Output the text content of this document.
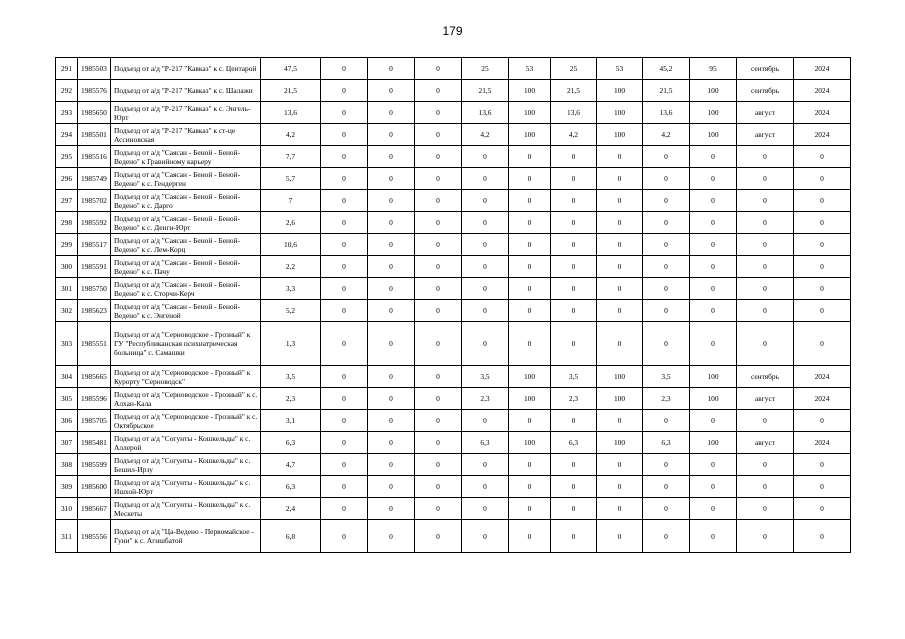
179
291	1985503	Подъезд от а/д "Р-217 "Кавказ" к с. Центарой	47,5	0	0	0	25	53	25	53	45,2	95	сентябрь	2024
292	1985576	Подъезд от а/д "Р-217 "Кавказ" к с. Шалажи	21,5	0	0	0	21,5	100	21,5	100	21,5	100	сентябрь	2024
293	1985650	Подъезд от а/д "Р-217 "Кавказ" к с. Энгель-Юрт	13,6	0	0	0	13,6	100	13,6	100	13,6	100	август	2024
294	1985501	Подъезд от а/д "Р-217 "Кавказ" к ст-це Ассиновская	4,2	0	0	0	4,2	100	4,2	100	4,2	100	август	2024
295	1985516	Подъезд от а/д "Саясан - Беной - Беной-Ведено" к Гравийному карьеру	7,7	0	0	0	0	0	0	0	0	0	0	0
296	1985749	Подъезд от а/д "Саясан - Беной - Беной-Ведено" к с. Гендерген	5,7	0	0	0	0	0	0	0	0	0	0	0
297	1985702	Подъезд от а/д "Саясан - Беной - Беной-Ведено" к с. Дарго	7	0	0	0	0	0	0	0	0	0	0	0
298	1985592	Подъезд от а/д "Саясан - Беной - Беной-Ведено" к с. Денги-Юрт	2,6	0	0	0	0	0	0	0	0	0	0	0
299	1985517	Подъезд от а/д "Саясан - Беной - Беной-Ведено" к с. Лем-Корц	10,6	0	0	0	0	0	0	0	0	0	0	0
300	1985591	Подъезд от а/д "Саясан - Беной - Беной-Ведено" к с. Пачу	2,2	0	0	0	0	0	0	0	0	0	0	0
301	1985750	Подъезд от а/д "Саясан - Беной - Беной-Ведено" к с. Сторчи-Керч	3,3	0	0	0	0	0	0	0	0	0	0	0
302	1985623	Подъезд от а/д "Саясан - Беной - Беной-Ведено" к с. Энгеной	5,2	0	0	0	0	0	0	0	0	0	0	0
303	1985551	Подъезд от а/д "Серноводское - Грозный" к ГУ "Республиканская психиатрическая больница" с. Самашки	1,3	0	0	0	0	0	0	0	0	0	0	0
304	1985665	Подъезд от а/д "Серноводское - Грозный" к Курорту "Серноводск"	3,5	0	0	0	3,5	100	3,5	100	3,5	100	сентябрь	2024
305	1985596	Подъезд от а/д "Серноводское - Грозный" к с. Алхан-Кала	2,3	0	0	0	2,3	100	2,3	100	2,3	100	август	2024
306	1985705	Подъезд от а/д "Серноводское - Грозный" к с. Октябрьское	3,1	0	0	0	0	0	0	0	0	0	0	0
307	1985481	Подъезд от а/д "Согунты - Кошкельды" к с. Аллерой	6,3	0	0	0	6,3	100	6,3	100	6,3	100	август	2024
308	1985599	Подъезд от а/д "Согунты - Кошкельды" к с. Бешил-Ирзу	4,7	0	0	0	0	0	0	0	0	0	0	0
309	1985600	Подъезд от а/д "Согунты - Кошкельды" к с. Ишхой-Юрт	6,3	0	0	0	0	0	0	0	0	0	0	0
310	1985667	Подъезд от а/д "Согунты - Кошкельды" к с. Мескеты	2,4	0	0	0	0	0	0	0	0	0	0	0
311	1985556	Подъезд от а/д "Ца-Ведено - Первомайское - Гуни" к с. Агишбатой	6,8	0	0	0	0	0	0	0	0	0	0	0
